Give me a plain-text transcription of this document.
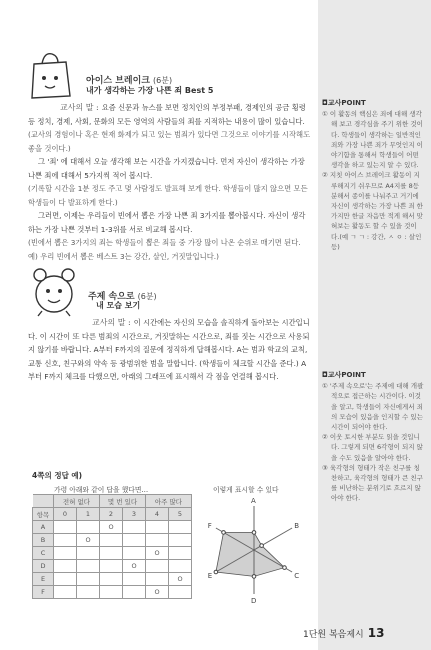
아이스 브레이크 (6분)
내가 생각하는 가장 나쁜 죄 Best 5
교사의 말 : 요즘 신문과 뉴스를 보면 정치인의 부정부패, 경제인의 공금 횡령 등 정치, 경제, 사회, 문화의 모든 영역의 사람들의 죄를 지적하는 내용이 많이 있습니다.
(교사의 경험이나 혹은 현재 화제가 되고 있는 범죄가 있다면 그것으로 이야기를 시작해도 좋을 것이다.)
그 '죄' 에 대해서 오늘 생각해 보는 시간을 가지겠습니다. 먼저 자신이 생각하는 가장 나쁜 죄에 대해서 5가지씩 적어 봅시다.
(기록할 시간을 1분 정도 주고 몇 사람정도 발표해 보게 한다. 학생들이 많지 않으면 모든 학생들이 다 발표하게 한다.)
그러면, 이제는 우리들이 빈에서 뽑은 가장 나쁜 죄 3가지를 뽑아봅시다. 자신이 생각하는 가장 나쁜 것부터 1-3위를 서로 비교해 봅시다.
(빈에서 뽑은 3가지의 죄는 학생들이 뽑은 죄들 중 가장 많이 나온 순위로 매기면 된다. 예) 우리 빈에서 뽑은 베스트 3는 강간, 살인, 거짓말입니다.)
◘교사POINT
① 이 활동의 핵심은 죄에 대해 생각해 보고 경각심을 주기 위한 것이다. 학생들이 생각하는 일반적인 죄와 가장 나쁜 죄가 무엇인지 이야기함을 통해서 학생들이 어떤 생각을 하고 있는지 알 수 있다.
② 지칫 아이스 브레이크 활동이 지루해지기 쉬우므로 A4지를 8등분해서 종이를 나눠주고 거기에 자신이 생각하는 가장 나쁜 죄 한 가지만 한글 자음만 적게 해서 맞혀보는 활동도 할 수 있을 것이다.(예 ㄱ ㄱ : 강간, ㅅ ㅇ : 살인 등)
주제 속으로 (6분)
내 모습 보기
교사의 말 : 이 시간에는 자신의 모습을 솔직하게 돌아보는 시간입니다. 이 시간이 또 다른 범죄의 시간으로, 거짓말하는 시간으로, 죄를 짓는 시간으로 사용되지 않기를 바랍니다. A부터 F까지의 질문에 정직하게 답해봅시다. A는 범과 학교의 교칙, 교통 신호, 친구와의 약속 등 광범위한 범을 말합니다. (학생들이 체크할 시간을 준다.) A부터 F까지 체크를 다했으면, 아래의 그래프에 표시해서 각 점을 연결해 봅시다.	◘교사POINT
① '주제 속으로'는 주제에 대해 개괄적으로 접근하는 시간이다. 이것을 알고, 학생들이 자신에게서 죄의 모습이 있음을 인지할 수 있는 시간이 되어야 한다.
② 이웃 토시한 부분도 읽을 것입니다. 그렇게 되면 6각형이 되지 않을 수도 있음을 알아야 한다.
③ 육각형의 형태가 작은 친구를 칭찬하고, 육각형의 형태가 큰 친구를 비난하는 분위기로 흐르지 않아야 한다.
4쪽의 정답 예)
가령 아래와 같이 답을 했다면…	이렇게 표시할 수 있다
	전혀 없다		몇 번 있다		아주 많다	
항목	0	1	2	3	4	5
A			O			
B		O				
C					O	
D				O		
E						O
F					O	
A
B
C
D
E
F
1단원 복음제시 13
